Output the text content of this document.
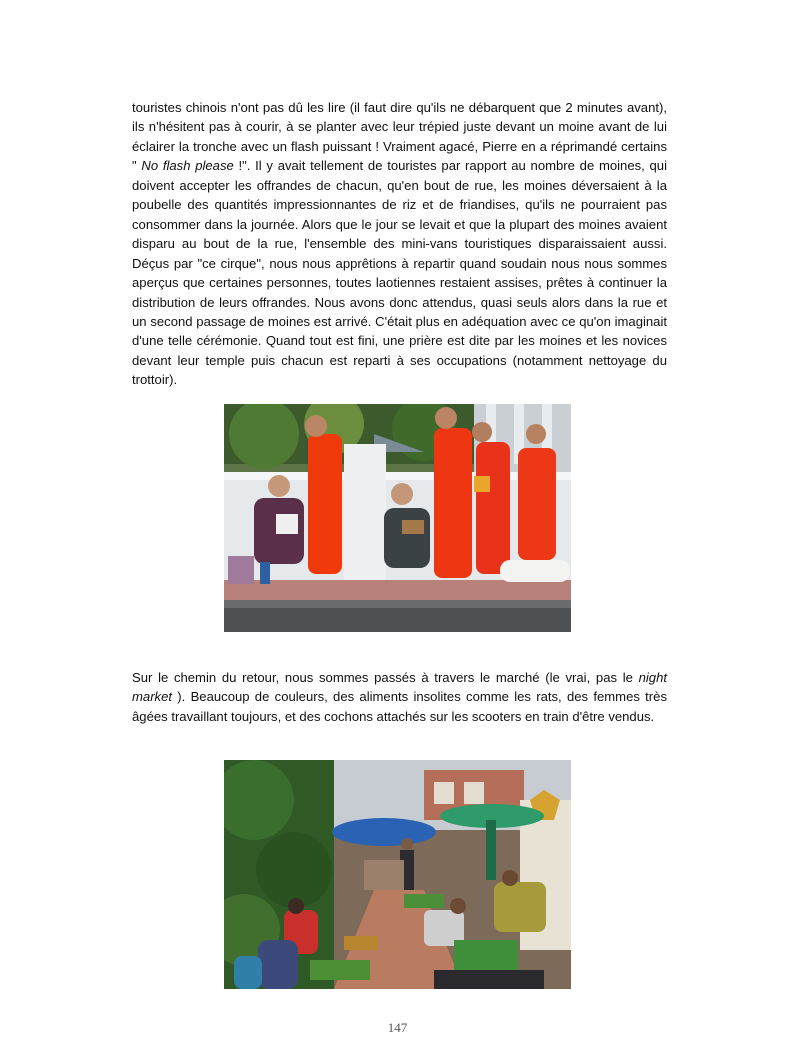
touristes chinois n'ont pas dû les lire (il faut dire qu'ils ne débarquent que 2 minutes avant), ils n'hésitent pas à courir, à se planter avec leur trépied juste devant un moine avant de lui éclairer la tronche avec un flash puissant ! Vraiment agacé, Pierre en a réprimandé certains " No flash please !". Il y avait tellement de touristes par rapport au nombre de moines, qui doivent accepter les offrandes de chacun, qu'en bout de rue, les moines déversaient à la poubelle des quantités impressionnantes de riz et de friandises, qu'ils ne pourraient pas consommer dans la journée. Alors que le jour se levait et que la plupart des moines avaient disparu au bout de la rue, l'ensemble des mini-vans touristiques disparaissaient aussi. Déçus par "ce cirque", nous nous apprêtions à repartir quand soudain nous nous sommes aperçus que certaines personnes, toutes laotiennes restaient assises, prêtes à continuer la distribution de leurs offrandes. Nous avons donc attendus, quasi seuls alors dans la rue et un second passage de moines est arrivé. C'était plus en adéquation avec ce qu'on imaginait d'une telle cérémonie. Quand tout est fini, une prière est dite par les moines et les novices devant leur temple puis chacun est reparti à ses occupations (notamment nettoyage du trottoir).

Sur le chemin du retour, nous sommes passés à travers le marché (le vrai, pas le night market ). Beaucoup de couleurs, des aliments insolites comme les rats, des femmes très âgées travaillant toujours, et des cochons attachés sur les scooters en train d'être vendus.

147
